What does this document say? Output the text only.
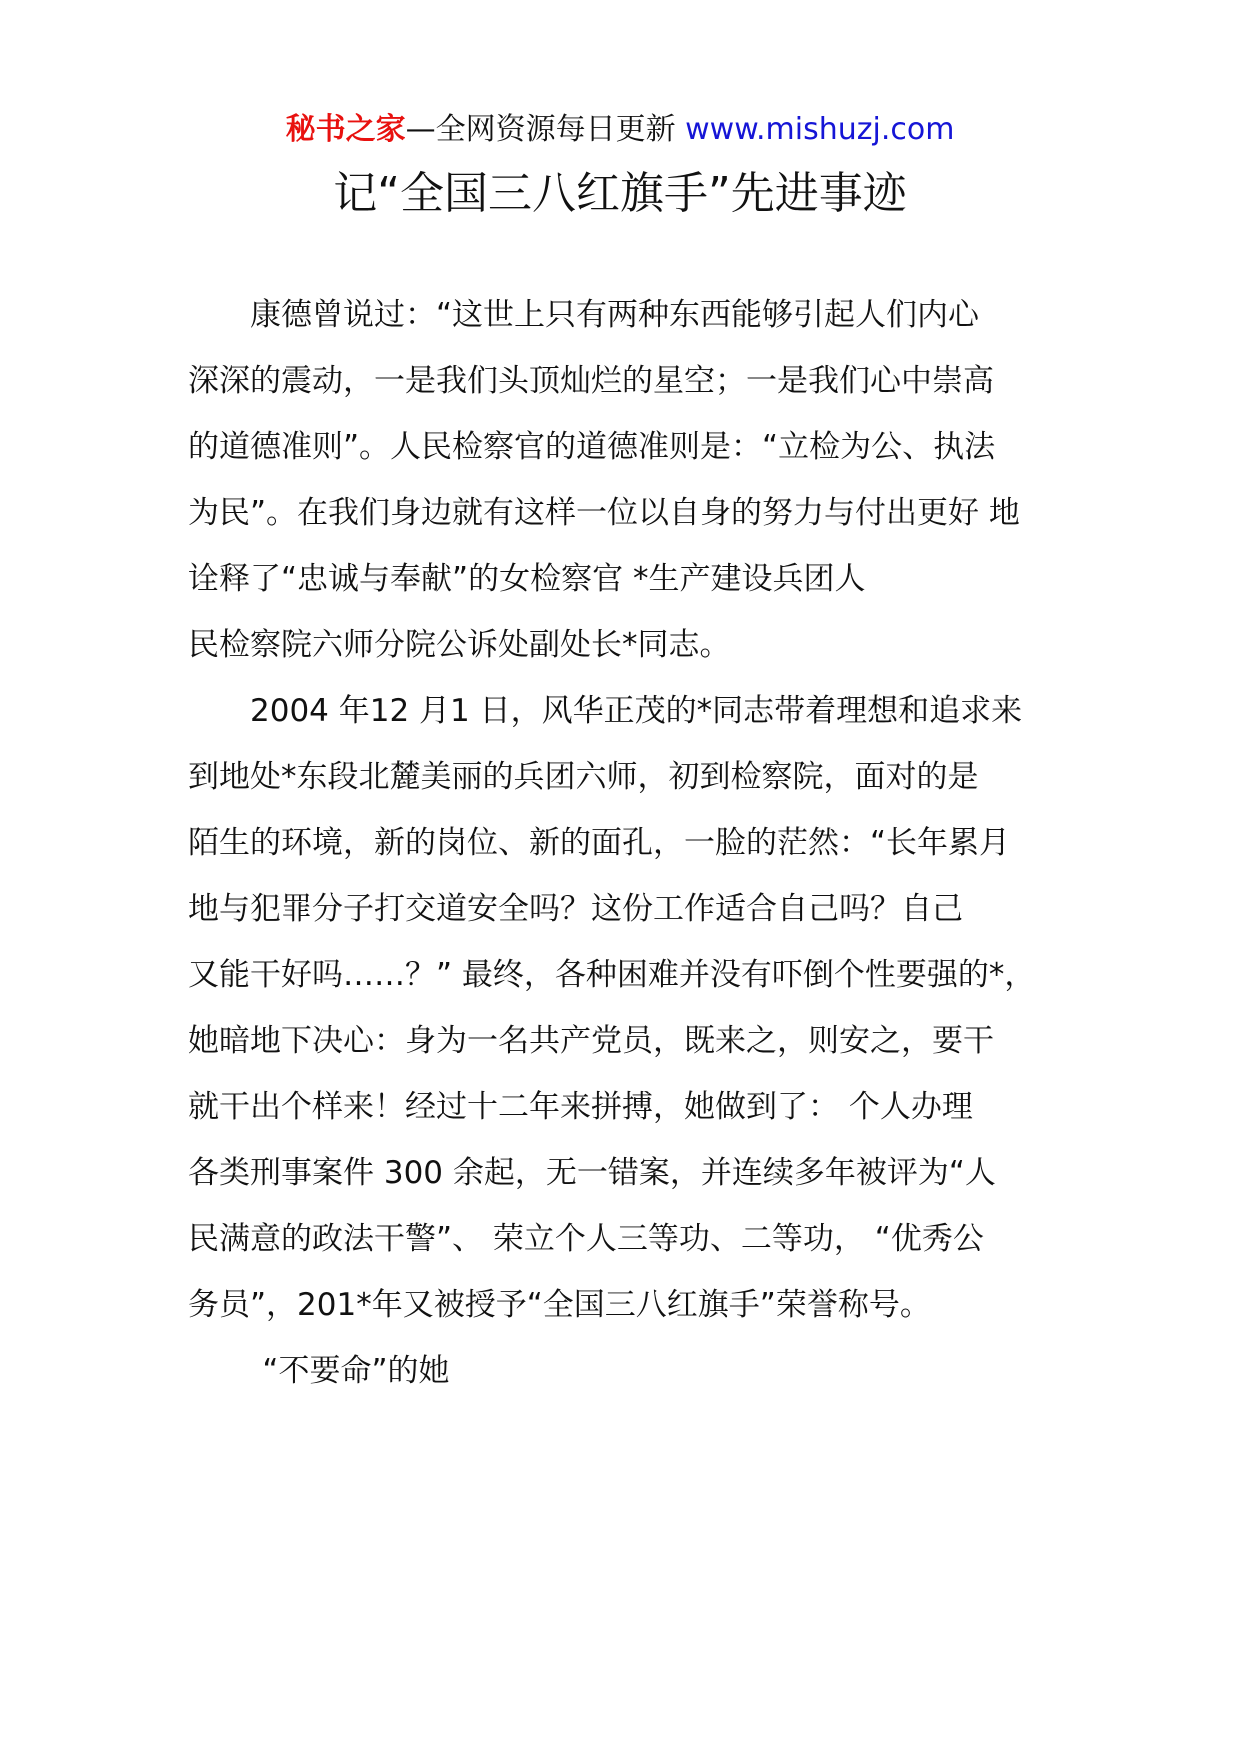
秘书之家—全网资源每日更新 www.mishuzj.com
记“全国三八红旗手”先进事迹
康德曾说过：“这世上只有两种东西能够引起人们内心
深深的震动，一是我们头顶灿烂的星空；一是我们心中崇高
的道德准则”。人民检察官的道德准则是：“立检为公、执法
为民”。在我们身边就有这样一位以自身的努力与付出更好 地
诠释了“忠诚与奉献”的女检察官 *生产建设兵团人
民检察院六师分院公诉处副处长*同志。
2004 年12 月1 日，风华正茂的*同志带着理想和追求来
到地处*东段北麓美丽的兵团六师，初到检察院，面对的是
陌生的环境，新的岗位、新的面孔，一脸的茫然：“长年累月
地与犯罪分子打交道安全吗？这份工作适合自己吗？自己
又能干好吗……？” 最终，各种困难并没有吓倒个性要强的*，
她暗地下决心：身为一名共产党员，既来之，则安之，要干
就干出个样来！经过十二年来拼搏，她做到了： 个人办理
各类刑事案件 300 余起，无一错案，并连续多年被评为“人
民满意的政法干警”、 荣立个人三等功、二等功， “优秀公
务员”，201*年又被授予“全国三八红旗手”荣誉称号。
“不要命”的她
